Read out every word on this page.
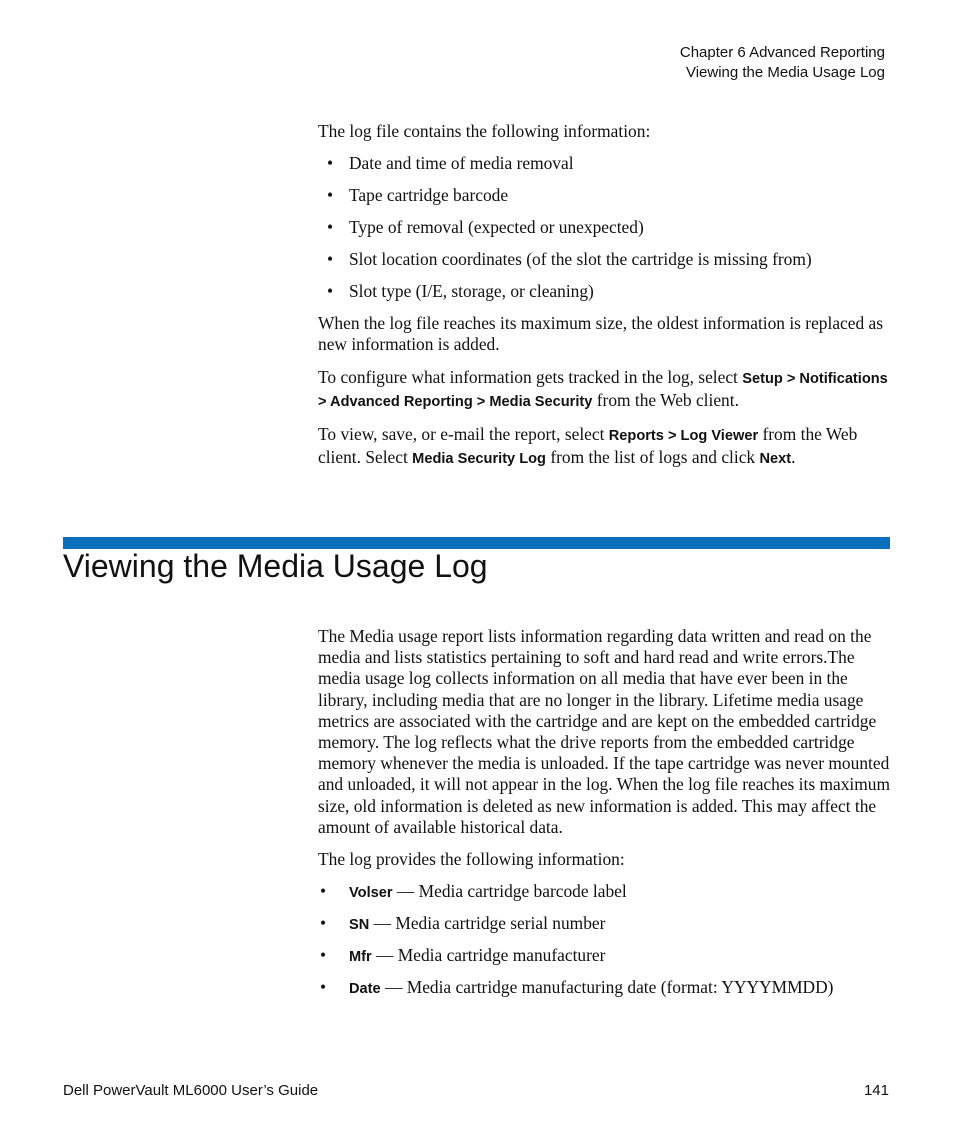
Chapter 6 Advanced Reporting
Viewing the Media Usage Log

The log file contains the following information:

• Date and time of media removal
• Tape cartridge barcode
• Type of removal (expected or unexpected)
• Slot location coordinates (of the slot the cartridge is missing from)
• Slot type (I/E, storage, or cleaning)

When the log file reaches its maximum size, the oldest information is replaced as new information is added.

To configure what information gets tracked in the log, select Setup > Notifications > Advanced Reporting > Media Security from the Web client.

To view, save, or e-mail the report, select Reports > Log Viewer from the Web client. Select Media Security Log from the list of logs and click Next.

Viewing the Media Usage Log

The Media usage report lists information regarding data written and read on the media and lists statistics pertaining to soft and hard read and write errors.The media usage log collects information on all media that have ever been in the library, including media that are no longer in the library. Lifetime media usage metrics are associated with the cartridge and are kept on the embedded cartridge memory. The log reflects what the drive reports from the embedded cartridge memory whenever the media is unloaded. If the tape cartridge was never mounted and unloaded, it will not appear in the log. When the log file reaches its maximum size, old information is deleted as new information is added. This may affect the amount of available historical data.

The log provides the following information:

• Volser — Media cartridge barcode label
• SN — Media cartridge serial number
• Mfr — Media cartridge manufacturer
• Date — Media cartridge manufacturing date (format: YYYYMMDD)
Dell PowerVault ML6000 User’s Guide	141
